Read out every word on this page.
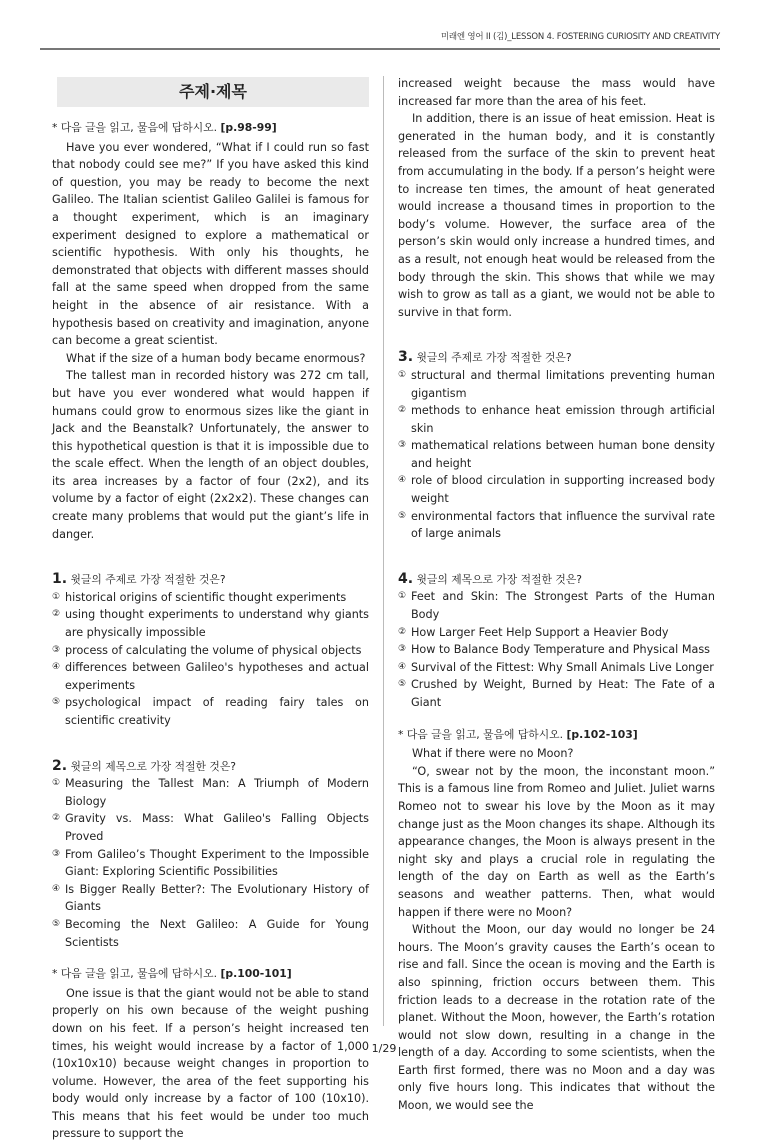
미래엔 영어 II (김)_LESSON 4. FOSTERING CURIOSITY AND CREATIVITY
주제·제목
* 다음 글을 읽고, 물음에 답하시오. [p.98-99]

Have you ever wondered, “What if I could run so fast that nobody could see me?” If you have asked this kind of question, you may be ready to become the next Galileo. The Italian scientist Galileo Galilei is famous for a thought experiment, which is an imaginary experiment designed to explore a mathematical or scientific hypothesis. With only his thoughts, he demonstrated that objects with different masses should fall at the same speed when dropped from the same height in the absence of air resistance. With a hypothesis based on creativity and imagination, anyone can become a great scientist.

What if the size of a human body became enormous?

The tallest man in recorded history was 272 cm tall, but have you ever wondered what would happen if humans could grow to enormous sizes like the giant in Jack and the Beanstalk? Unfortunately, the answer to this hypothetical question is that it is impossible due to the scale effect. When the length of an object doubles, its area increases by a factor of four (2x2), and its volume by a factor of eight (2x2x2). These changes can create many problems that would put the giant’s life in danger.

1. 윗글의 주제로 가장 적절한 것은?
① historical origins of scientific thought experiments
② using thought experiments to understand why giants are physically impossible
③ process of calculating the volume of physical objects
④ differences between Galileo's hypotheses and actual experiments
⑤ psychological impact of reading fairy tales on scientific creativity
2. 윗글의 제목으로 가장 적절한 것은?
① Measuring the Tallest Man: A Triumph of Modern Biology
② Gravity vs. Mass: What Galileo's Falling Objects Proved
③ From Galileo’s Thought Experiment to the Impossible Giant: Exploring Scientific Possibilities
④ Is Bigger Really Better?: The Evolutionary History of Giants
⑤ Becoming the Next Galileo: A Guide for Young Scientists
* 다음 글을 읽고, 물음에 답하시오. [p.100-101]

One issue is that the giant would not be able to stand properly on his own because of the weight pushing down on his feet. If a person’s height increased ten times, his weight would increase by a factor of 1,000 (10x10x10) because weight changes in proportion to volume. However, the area of the feet supporting his body would only increase by a factor of 100 (10x10). This means that his feet would be under too much pressure to support the

increased weight because the mass would have increased far more than the area of his feet.

In addition, there is an issue of heat emission. Heat is generated in the human body, and it is constantly released from the surface of the skin to prevent heat from accumulating in the body. If a person’s height were to increase ten times, the amount of heat generated would increase a thousand times in proportion to the body’s volume. However, the surface area of the person’s skin would only increase a hundred times, and as a result, not enough heat would be released from the body through the skin. This shows that while we may wish to grow as tall as a giant, we would not be able to survive in that form.

3. 윗글의 주제로 가장 적절한 것은?
① structural and thermal limitations preventing human gigantism
② methods to enhance heat emission through artificial skin
③ mathematical relations between human bone density and height
④ role of blood circulation in supporting increased body weight
⑤ environmental factors that influence the survival rate of large animals
4. 윗글의 제목으로 가장 적절한 것은?
① Feet and Skin: The Strongest Parts of the Human Body
② How Larger Feet Help Support a Heavier Body
③ How to Balance Body Temperature and Physical Mass
④ Survival of the Fittest: Why Small Animals Live Longer
⑤ Crushed by Weight, Burned by Heat: The Fate of a Giant
* 다음 글을 읽고, 물음에 답하시오. [p.102-103]

What if there were no Moon?

“O, swear not by the moon, the inconstant moon.” This is a famous line from Romeo and Juliet. Juliet warns Romeo not to swear his love by the Moon as it may change just as the Moon changes its shape. Although its appearance changes, the Moon is always present in the night sky and plays a crucial role in regulating the length of the day on Earth as well as the Earth’s seasons and weather patterns. Then, what would happen if there were no Moon?

Without the Moon, our day would no longer be 24 hours. The Moon’s gravity causes the Earth’s ocean to rise and fall. Since the ocean is moving and the Earth is also spinning, friction occurs between them. This friction leads to a decrease in the rotation rate of the planet. Without the Moon, however, the Earth’s rotation would not slow down, resulting in a change in the length of a day. According to some scientists, when the Earth first formed, there was no Moon and a day was only five hours long. This indicates that without the Moon, we would see the

1/29
